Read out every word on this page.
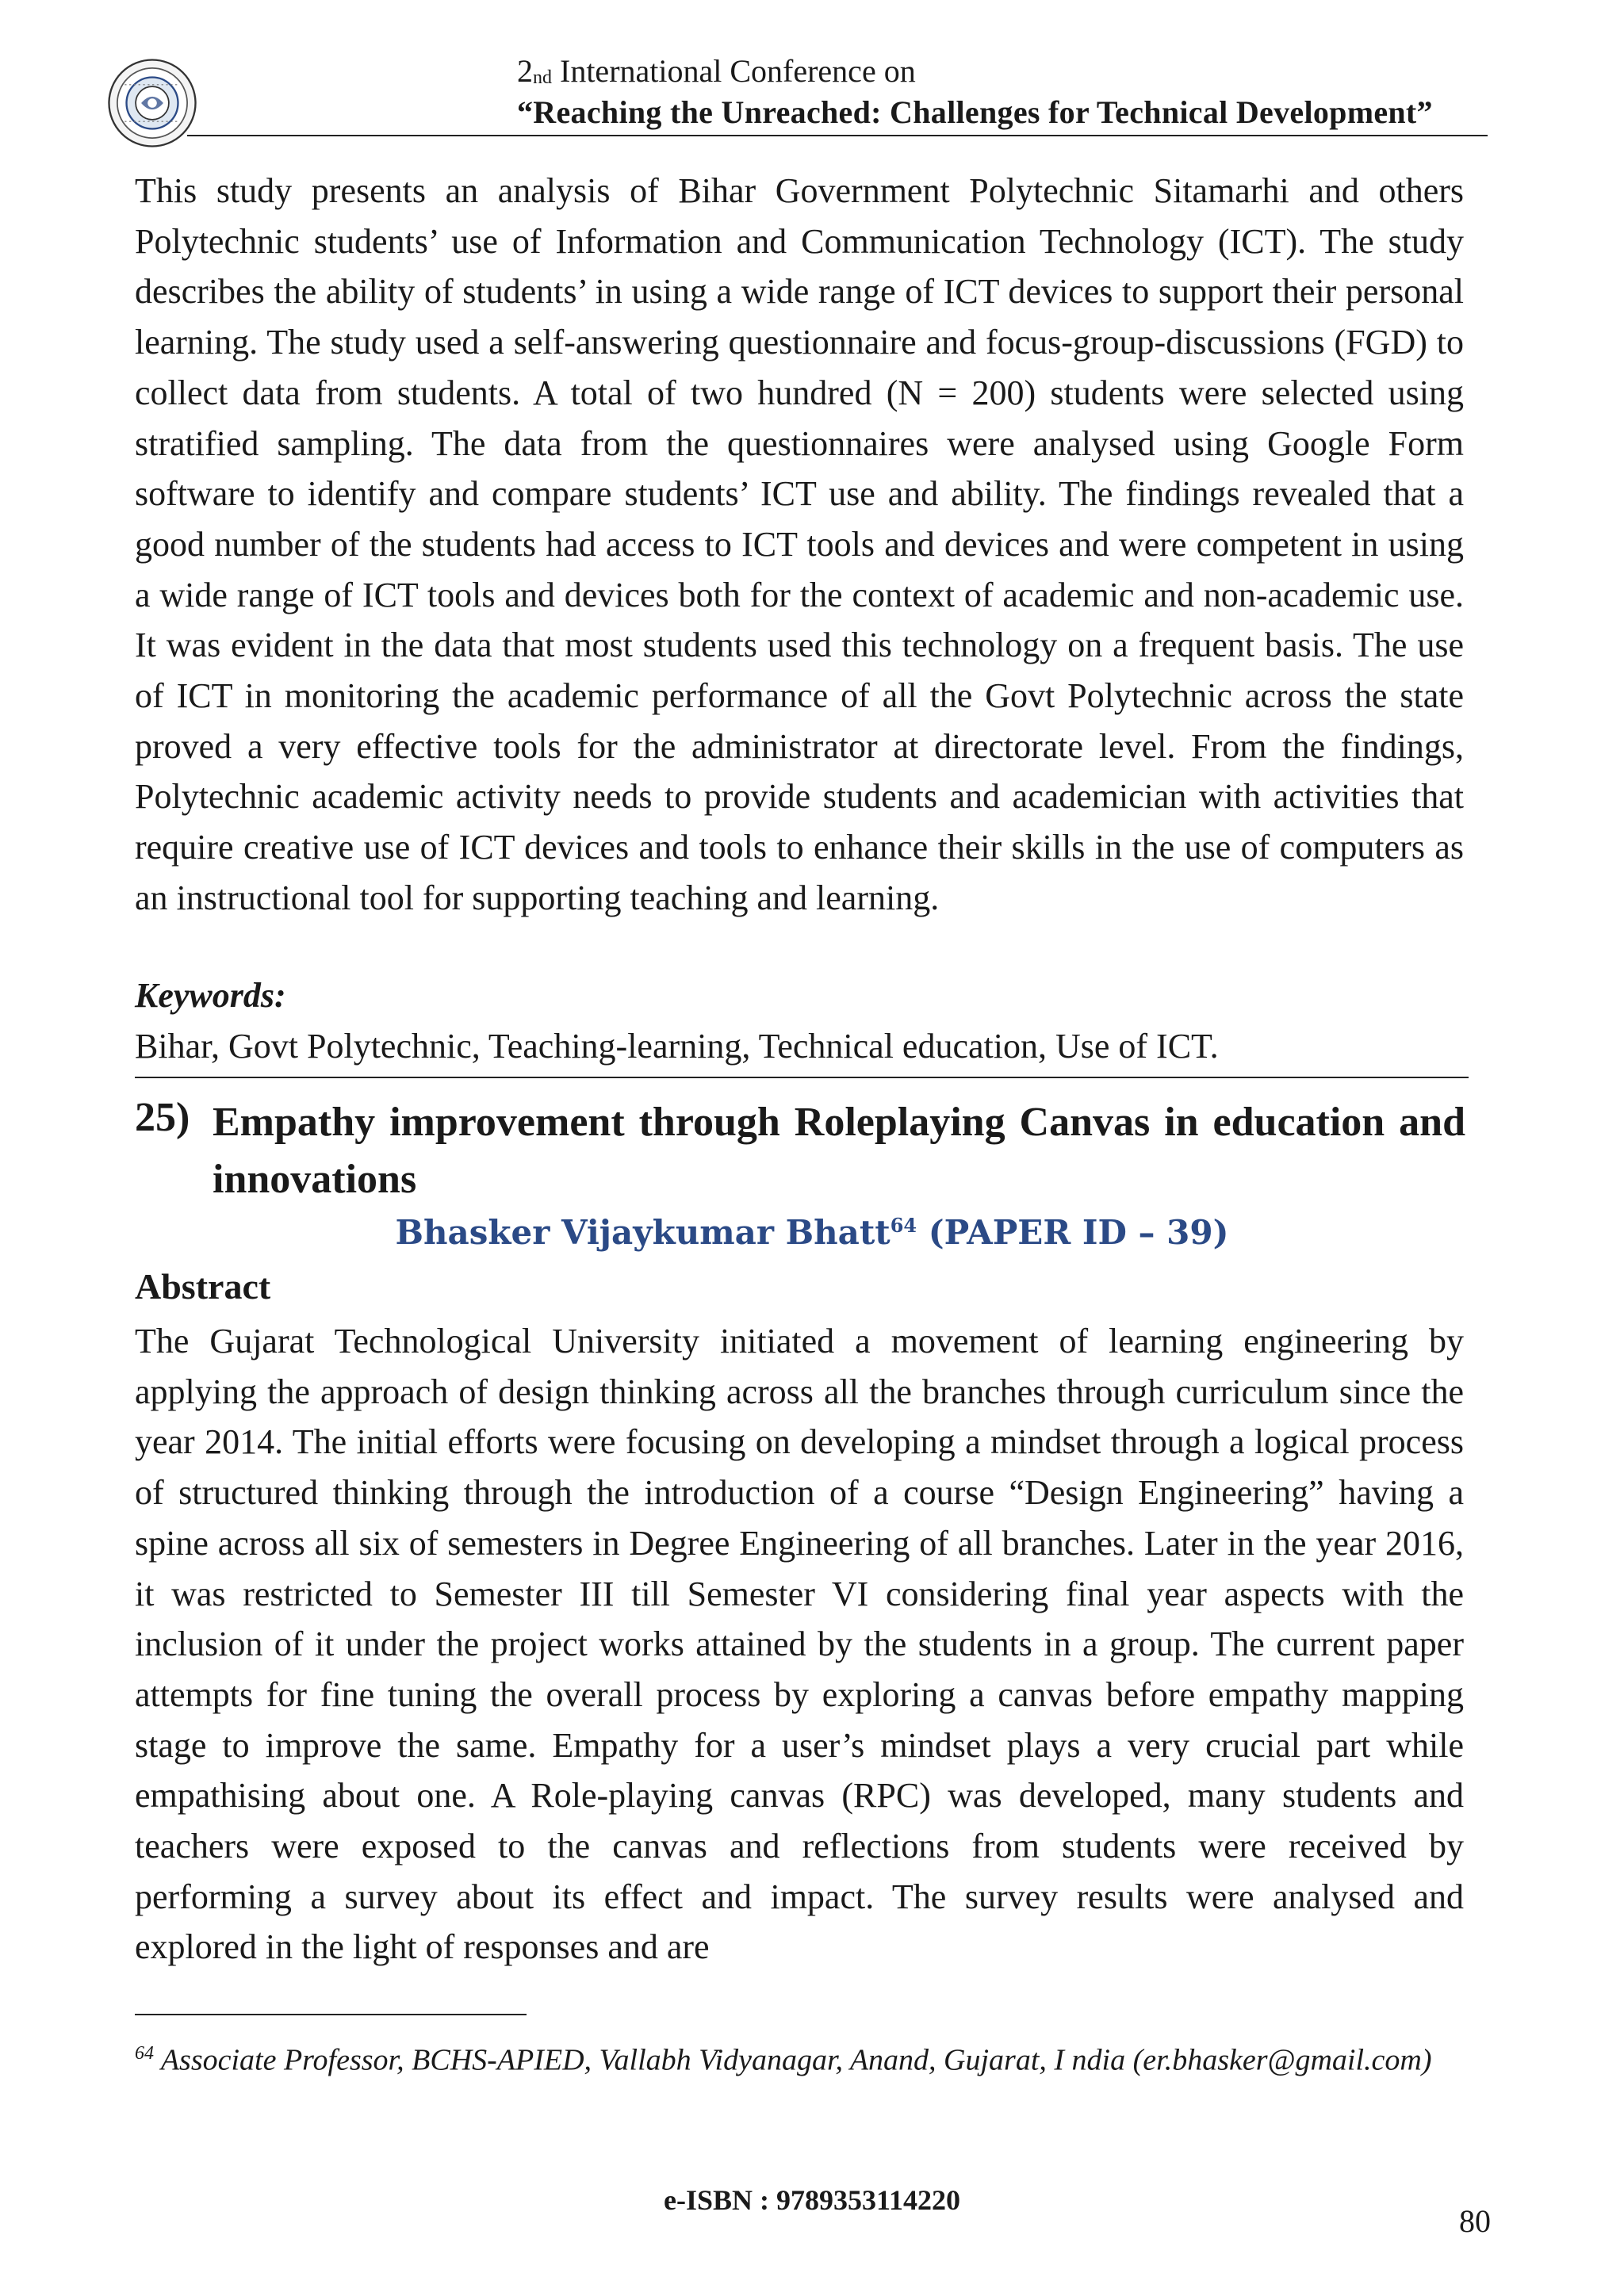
$2_{nd}$ International Conference on
“Reaching the Unreached: Challenges for Technical Development”
This study presents an analysis of Bihar Government Polytechnic Sitamarhi and others Polytechnic students’ use of Information and Communication Technology (ICT). The study describes the ability of students’ in using a wide range of ICT devices to support their personal learning. The study used a self-answering questionnaire and focus-group-discussions (FGD) to collect data from students. A total of two hundred (N = 200) students were selected using stratified sampling. The data from the questionnaires were analysed using Google Form software to identify and compare students’ ICT use and ability. The findings revealed that a good number of the students had access to ICT tools and devices and were competent in using a wide range of ICT tools and devices both for the context of academic and non-academic use. It was evident in the data that most students used this technology on a frequent basis. The use of ICT in monitoring the academic performance of all the Govt Polytechnic across the state proved a very effective tools for the administrator at directorate level. From the findings, Polytechnic academic activity needs to provide students and academician with activities that require creative use of ICT devices and tools to enhance their skills in the use of computers as an instructional tool for supporting teaching and learning.
Keywords:
Bihar, Govt Polytechnic, Teaching-learning, Technical education, Use of ICT.
25) Empathy improvement through Roleplaying Canvas in education and innovations
Bhasker Vijaykumar Bhatt$^{64}$ (PAPER ID – 39)
Abstract
The Gujarat Technological University initiated a movement of learning engineering by applying the approach of design thinking across all the branches through curriculum since the year 2014. The initial efforts were focusing on developing a mindset through a logical process of structured thinking through the introduction of a course “Design Engineering” having a spine across all six of semesters in Degree Engineering of all branches. Later in the year 2016, it was restricted to Semester III till Semester VI considering final year aspects with the inclusion of it under the project works attained by the students in a group. The current paper attempts for fine tuning the overall process by exploring a canvas before empathy mapping stage to improve the same. Empathy for a user’s mindset plays a very crucial part while empathising about one. A Role-playing canvas (RPC) was developed, many students and teachers were exposed to the canvas and reflections from students were received by performing a survey about its effect and impact. The survey results were analysed and explored in the light of responses and are
$^{64}$ Associate Professor, BCHS-APIED, Vallabh Vidyanagar, Anand, Gujarat, I ndia (er.bhasker@gmail.com)
e-ISBN : 9789353114220
80
